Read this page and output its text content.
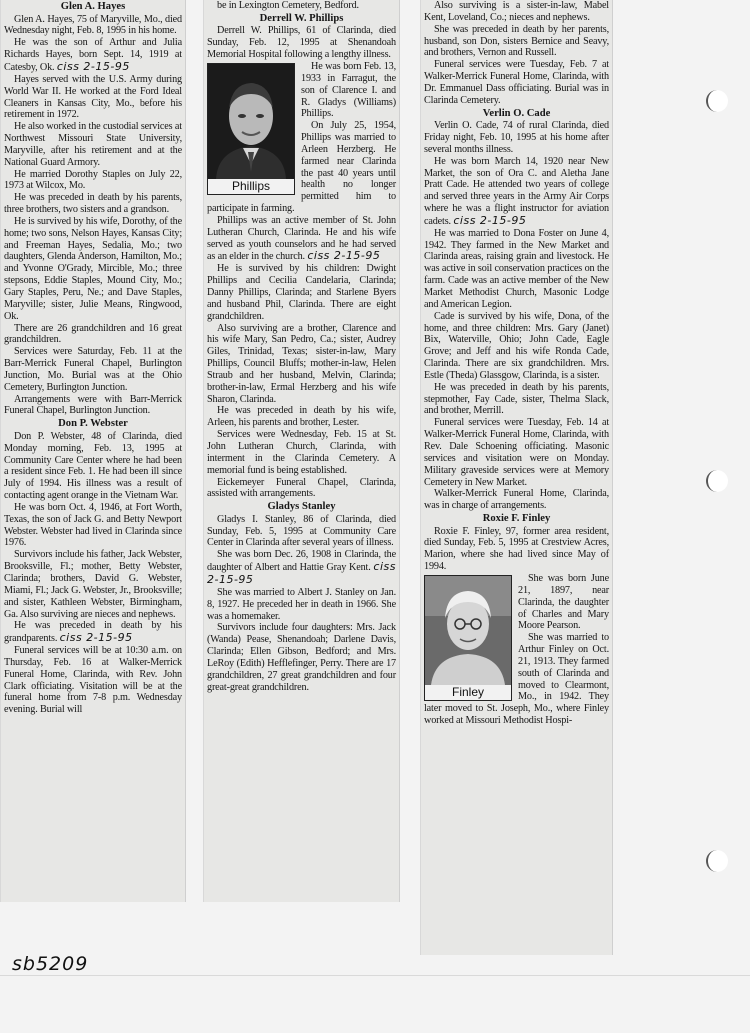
Glen A. Hayes

Glen A. Hayes, 75 of Maryville, Mo., died Wednesday night, Feb. 8, 1995 in his home.

He was the son of Arthur and Julia Richards Hayes, born Sept. 14, 1919 at Catesby, Ok. ciss 2-15-95

Hayes served with the U.S. Army during World War II. He worked at the Ford Ideal Cleaners in Kansas City, Mo., before his retirement in 1972.

He also worked in the custodial services at Northwest Missouri State University, Maryville, after his retirement and at the National Guard Armory.

He married Dorothy Staples on July 22, 1973 at Wilcox, Mo.

He was preceded in death by his parents, three brothers, two sisters and a grandson.

He is survived by his wife, Dorothy, of the home; two sons, Nelson Hayes, Kansas City; and Freeman Hayes, Sedalia, Mo.; two daughters, Glenda Anderson, Hamilton, Mo.; and Yvonne O'Grady, Mircible, Mo.; three stepsons, Eddie Staples, Mound City, Mo.; Gary Staples, Peru, Ne.; and Dave Staples, Maryville; sister, Julie Means, Ringwood, Ok.

There are 26 grandchildren and 16 great grandchildren.

Services were Saturday, Feb. 11 at the Barr-Merrick Funeral Chapel, Burlington Junction, Mo. Burial was at the Ohio Cemetery, Burlington Junction.

Arrangements were with Barr-Merrick Funeral Chapel, Burlington Junction.

Don P. Webster

Don P. Webster, 48 of Clarinda, died Monday morning, Feb. 13, 1995 at Community Care Center where he had been a resident since Feb. 1. He had been ill since July of 1994. His illness was a result of contacting agent orange in the Vietnam War.

He was born Oct. 4, 1946, at Fort Worth, Texas, the son of Jack G. and Betty Newport Webster. Webster had lived in Clarinda since 1976.

Survivors include his father, Jack Webster, Brooksville, Fl.; mother, Betty Webster, Clarinda; brothers, David G. Webster, Miami, Fl.; Jack G. Webster, Jr., Brooksville; and sister, Kathleen Webster, Birmingham, Ga. Also surviving are nieces and nephews.

He was preceded in death by his grandparents. ciss 2-15-95

Funeral services will be at 10:30 a.m. on Thursday, Feb. 16 at Walker-Merrick Funeral Home, Clarinda, with Rev. John Clark officiating. Visitation will be at the funeral home from 7-8 p.m. Wednesday evening. Burial will

be in Lexington Cemetery, Bedford.

Derrell W. Phillips

Derrell W. Phillips, 61 of Clarinda, died Sunday, Feb. 12, 1995 at Shenandoah Memorial Hospital following a lengthy illness.

Phillips

He was born Feb. 13, 1933 in Farragut, the son of Clarence I. and R. Gladys (Williams) Phillips.

On July 25, 1954, Phillips was married to Arleen Herzberg. He farmed near Clarinda the past 40 years until health no longer permitted him to participate in farming.

Phillips was an active member of St. John Lutheran Church, Clarinda. He and his wife served as youth counselors and he had served as an elder in the church. ciss 2-15-95

He is survived by his children: Dwight Phillips and Cecilia Candelaria, Clarinda; Danny Phillips, Clarinda; and Starlene Byers and husband Phil, Clarinda. There are eight grandchildren.

Also surviving are a brother, Clarence and his wife Mary, San Pedro, Ca.; sister, Audrey Giles, Trinidad, Texas; sister-in-law, Mary Phillips, Council Bluffs; mother-in-law, Helen Straub and her husband, Melvin, Clarinda; brother-in-law, Ermal Herzberg and his wife Sharon, Clarinda.

He was preceded in death by his wife, Arleen, his parents and brother, Lester.

Services were Wednesday, Feb. 15 at St. John Lutheran Church, Clarinda, with interment in the Clarinda Cemetery. A memorial fund is being established.

Eickemeyer Funeral Chapel, Clarinda, assisted with arrangements.

Gladys Stanley

Gladys I. Stanley, 86 of Clarinda, died Sunday, Feb. 5, 1995 at Community Care Center in Clarinda after several years of illness.

She was born Dec. 26, 1908 in Clarinda, the daughter of Albert and Hattie Gray Kent. ciss 2-15-95

She was married to Albert J. Stanley on Jan. 8, 1927. He preceded her in death in 1966. She was a homemaker.

Survivors include four daughters: Mrs. Jack (Wanda) Pease, Shenandoah; Darlene Davis, Clarinda; Ellen Gibson, Bedford; and Mrs. LeRoy (Edith) Hefflefinger, Perry. There are 17 grandchildren, 27 great grandchildren and four great-great grandchildren.

Also surviving is a sister-in-law, Mabel Kent, Loveland, Co.; nieces and nephews.

She was preceded in death by her parents, husband, son Don, sisters Bernice and Seavy, and brothers, Vernon and Russell.

Funeral services were Tuesday, Feb. 7 at Walker-Merrick Funeral Home, Clarinda, with Dr. Emmanuel Dass officiating. Burial was in Clarinda Cemetery.

Verlin O. Cade

Verlin O. Cade, 74 of rural Clarinda, died Friday night, Feb. 10, 1995 at his home after several months illness.

He was born March 14, 1920 near New Market, the son of Ora C. and Aletha Jane Pratt Cade. He attended two years of college and served three years in the Army Air Corps where he was a flight instructor for aviation cadets. ciss 2-15-95

He was married to Dona Foster on June 4, 1942. They farmed in the New Market and Clarinda areas, raising grain and livestock. He was active in soil conservation practices on the farm. Cade was an active member of the New Market Methodist Church, Masonic Lodge and American Legion.

Cade is survived by his wife, Dona, of the home, and three children: Mrs. Gary (Janet) Bix, Waterville, Ohio; John Cade, Eagle Grove; and Jeff and his wife Ronda Cade, Clarinda. There are six grandchildren. Mrs. Estle (Theda) Glassgow, Clarinda, is a sister.

He was preceded in death by his parents, stepmother, Fay Cade, sister, Thelma Slack, and brother, Merrill.

Funeral services were Tuesday, Feb. 14 at Walker-Merrick Funeral Home, Clarinda, with Rev. Dale Schoening officiating. Masonic services and visitation were on Monday. Military graveside services were at Memory Cemetery in New Market.

Walker-Merrick Funeral Home, Clarinda, was in charge of arrangements.

Roxie F. Finley

Roxie F. Finley, 97, former area resident, died Sunday, Feb. 5, 1995 at Crestview Acres, Marion, where she had lived since May of 1994.

Finley

She was born June 21, 1897, near Clarinda, the daughter of Charles and Mary Moore Pearson.

She was married to Arthur Finley on Oct. 21, 1913. They farmed south of Clarinda and moved to Clearmont, Mo., in 1942. They later moved to St. Joseph, Mo., where Finley worked at Missouri Methodist Hospi-

sb5209
